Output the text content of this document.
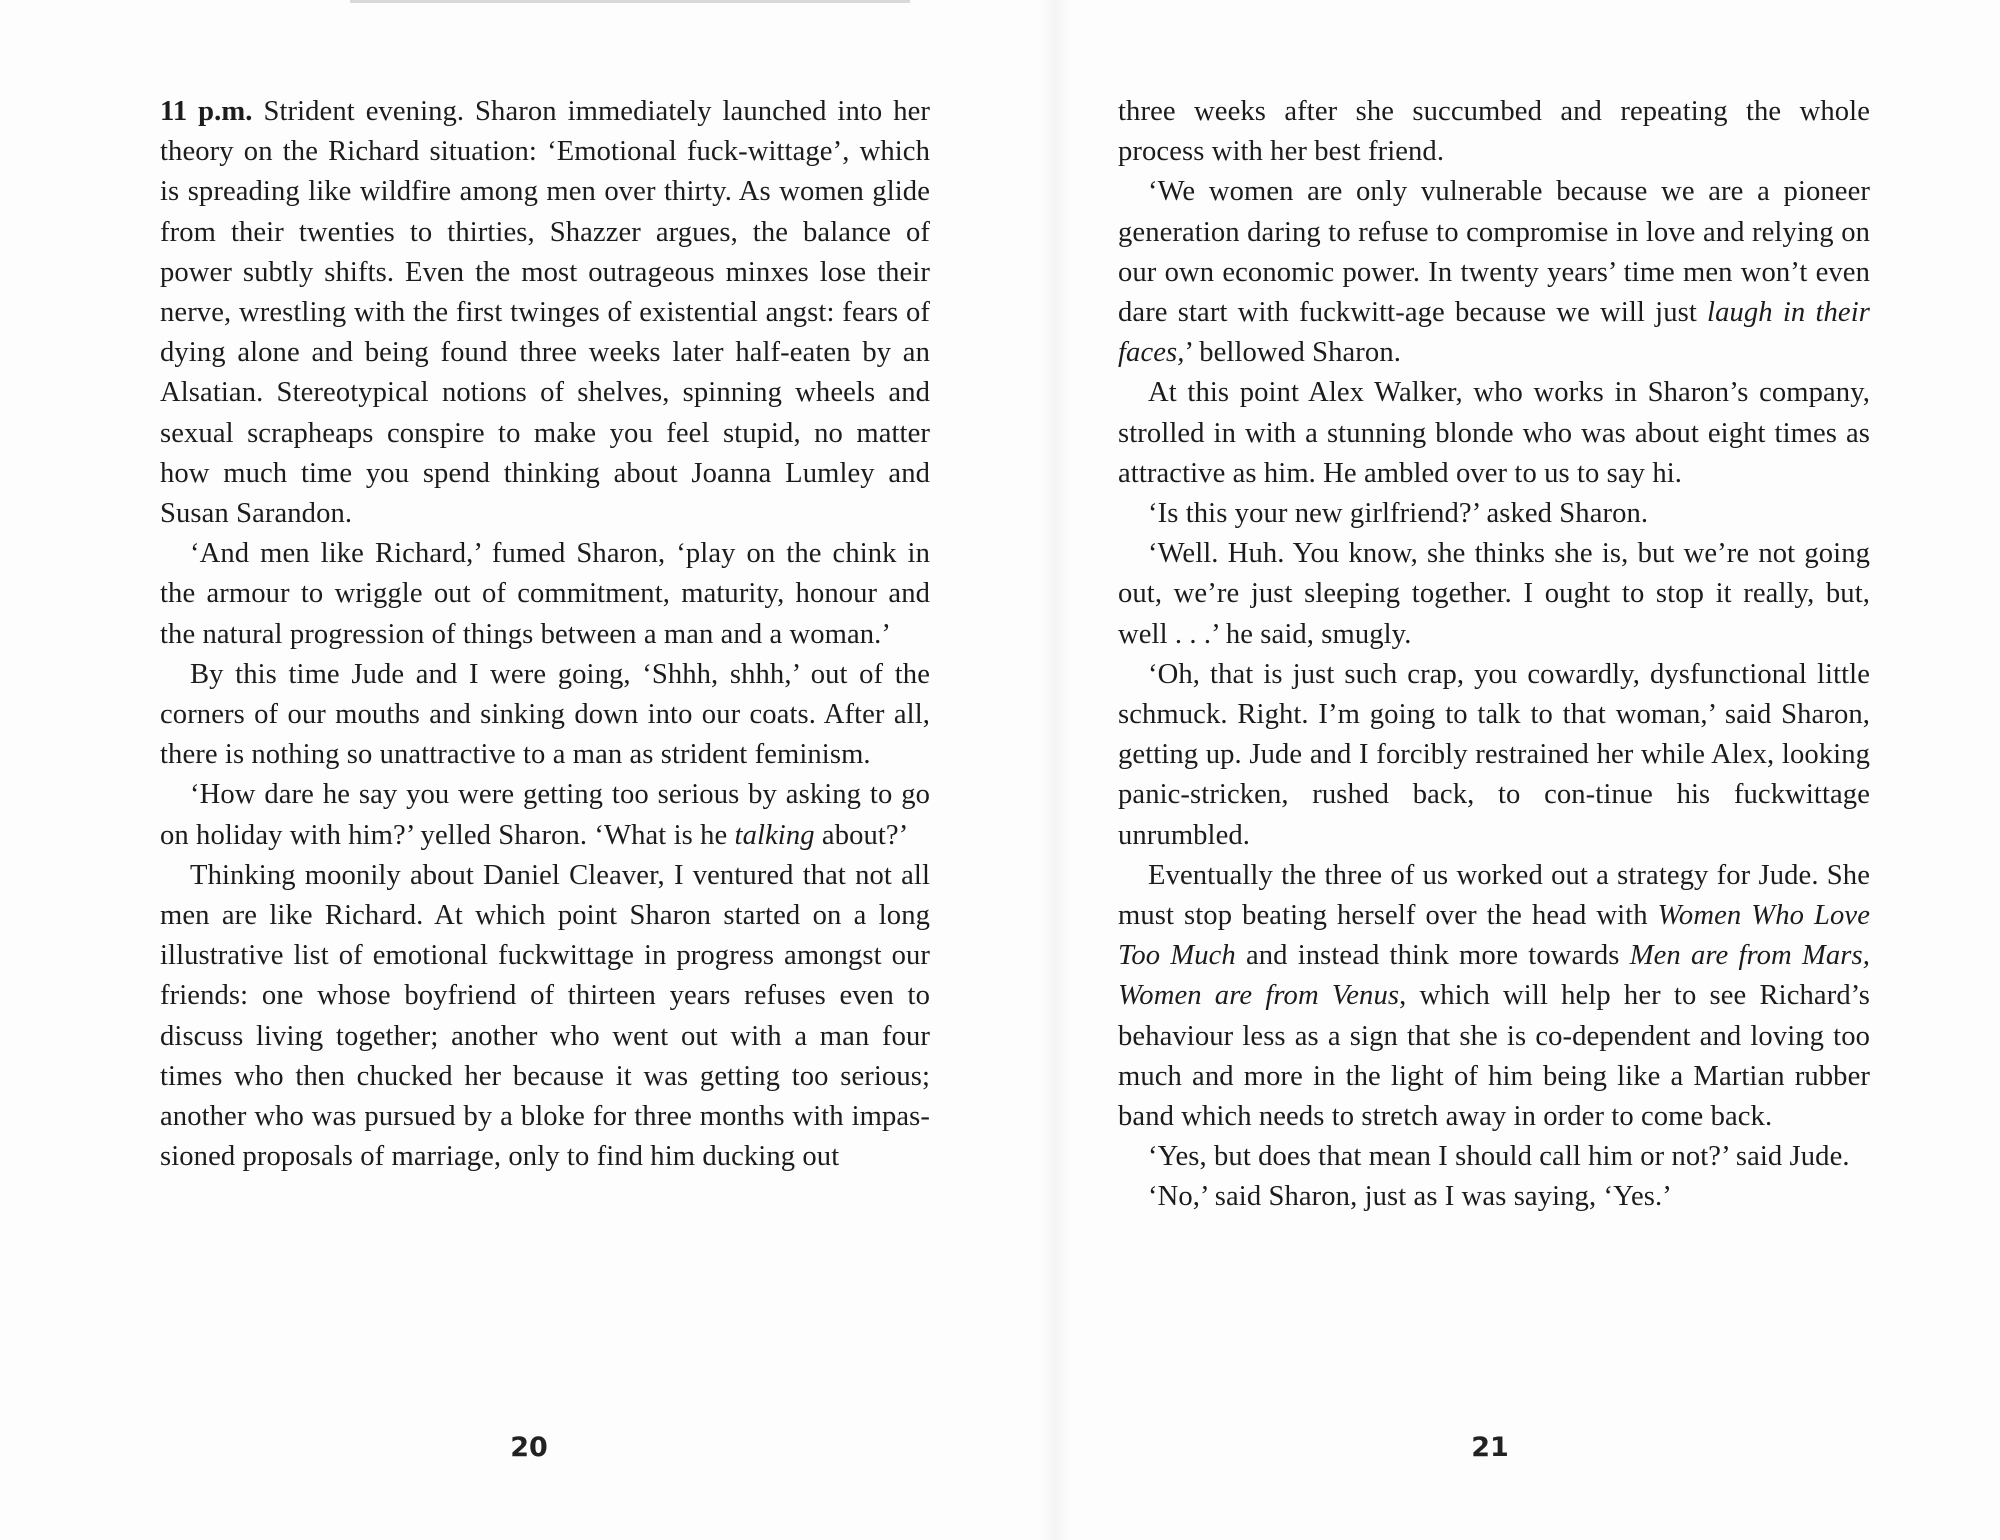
11 p.m. Strident evening. Sharon immediately launched into her theory on the Richard situation: ‘Emotional fuck-wittage’, which is spreading like wildfire among men over thirty. As women glide from their twenties to thirties, Shazzer argues, the balance of power subtly shifts. Even the most outrageous minxes lose their nerve, wrestling with the first twinges of existential angst: fears of dying alone and being found three weeks later half-eaten by an Alsatian. Stereotypical notions of shelves, spinning wheels and sexual scrapheaps conspire to make you feel stupid, no matter how much time you spend thinking about Joanna Lumley and Susan Sarandon.

‘And men like Richard,’ fumed Sharon, ‘play on the chink in the armour to wriggle out of commitment, maturity, honour and the natural progression of things between a man and a woman.’

By this time Jude and I were going, ‘Shhh, shhh,’ out of the corners of our mouths and sinking down into our coats. After all, there is nothing so unattractive to a man as strident feminism.

‘How dare he say you were getting too serious by asking to go on holiday with him?’ yelled Sharon. ‘What is he talking about?’

Thinking moonily about Daniel Cleaver, I ventured that not all men are like Richard. At which point Sharon started on a long illustrative list of emotional fuckwittage in progress amongst our friends: one whose boyfriend of thirteen years refuses even to discuss living together; another who went out with a man four times who then chucked her because it was getting too serious; another who was pursued by a bloke for three months with impas-sioned proposals of marriage, only to find him ducking out

three weeks after she succumbed and repeating the whole process with her best friend.

‘We women are only vulnerable because we are a pioneer generation daring to refuse to compromise in love and relying on our own economic power. In twenty years’ time men won’t even dare start with fuckwitt-age because we will just laugh in their faces,’ bellowed Sharon.

At this point Alex Walker, who works in Sharon’s company, strolled in with a stunning blonde who was about eight times as attractive as him. He ambled over to us to say hi.

‘Is this your new girlfriend?’ asked Sharon.

‘Well. Huh. You know, she thinks she is, but we’re not going out, we’re just sleeping together. I ought to stop it really, but, well . . .’ he said, smugly.

‘Oh, that is just such crap, you cowardly, dysfunctional little schmuck. Right. I’m going to talk to that woman,’ said Sharon, getting up. Jude and I forcibly restrained her while Alex, looking panic-stricken, rushed back, to con-tinue his fuckwittage unrumbled.

Eventually the three of us worked out a strategy for Jude. She must stop beating herself over the head with Women Who Love Too Much and instead think more towards Men are from Mars, Women are from Venus, which will help her to see Richard’s behaviour less as a sign that she is co-dependent and loving too much and more in the light of him being like a Martian rubber band which needs to stretch away in order to come back.

‘Yes, but does that mean I should call him or not?’ said Jude.

‘No,’ said Sharon, just as I was saying, ‘Yes.’

20	21
